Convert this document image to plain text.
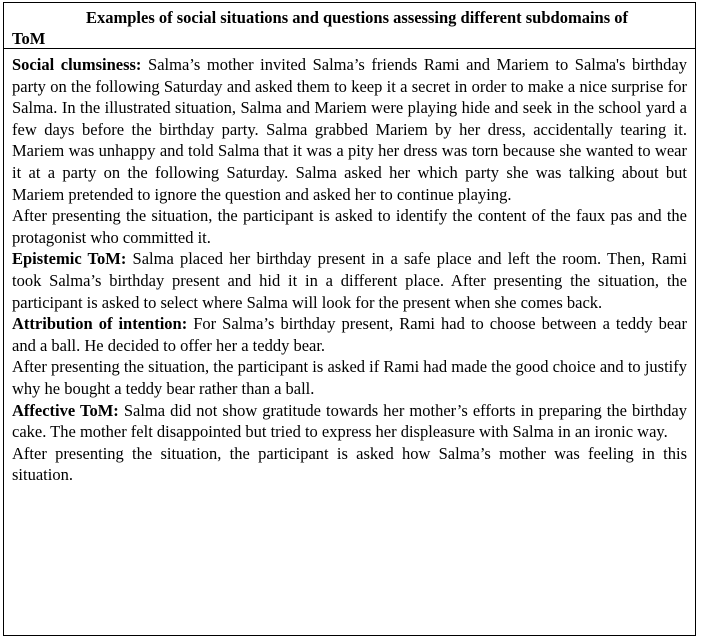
Examples of social situations and questions assessing different subdomains of
ToM

Social clumsiness: Salma’s mother invited Salma’s friends Rami and Mariem to Salma's birthday party on the following Saturday and asked them to keep it a secret in order to make a nice surprise for Salma. In the illustrated situation, Salma and Mariem were playing hide and seek in the school yard a few days before the birthday party. Salma grabbed Mariem by her dress, accidentally tearing it. Mariem was unhappy and told Salma that it was a pity her dress was torn because she wanted to wear it at a party on the following Saturday. Salma asked her which party she was talking about but Mariem pretended to ignore the question and asked her to continue playing.

After presenting the situation, the participant is asked to identify the content of the faux pas and the protagonist who committed it.

Epistemic ToM: Salma placed her birthday present in a safe place and left the room. Then, Rami took Salma’s birthday present and hid it in a different place. After presenting the situation, the participant is asked to select where Salma will look for the present when she comes back.

Attribution of intention: For Salma’s birthday present, Rami had to choose between a teddy bear and a ball. He decided to offer her a teddy bear.

After presenting the situation, the participant is asked if Rami had made the good choice and to justify why he bought a teddy bear rather than a ball.

Affective ToM: Salma did not show gratitude towards her mother’s efforts in preparing the birthday cake. The mother felt disappointed but tried to express her displeasure with Salma in an ironic way.

After presenting the situation, the participant is asked how Salma’s mother was feeling in this situation.
